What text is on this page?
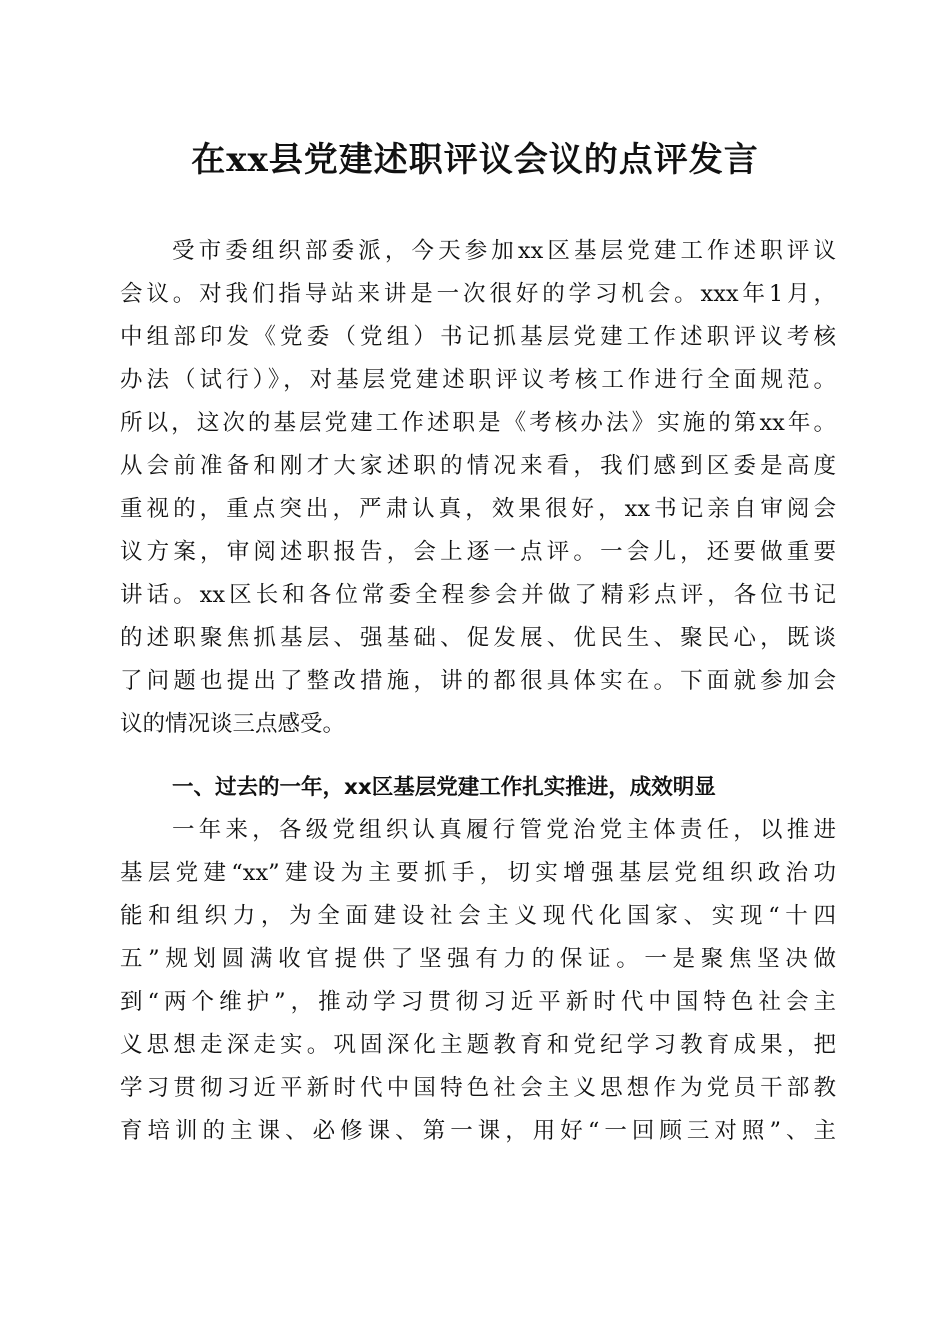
在xx县党建述职评议会议的点评发言
受市委组织部委派，今天参加xx区基层党建工作述职评议
会议。对我们指导站来讲是一次很好的学习机会。xxx年1月，
中组部印发《党委（党组）书记抓基层党建工作述职评议考核
办法（试行）》，对基层党建述职评议考核工作进行全面规范。
所以，这次的基层党建工作述职是《考核办法》实施的第xx年。
从会前准备和刚才大家述职的情况来看，我们感到区委是高度
重视的，重点突出，严肃认真，效果很好，xx书记亲自审阅会
议方案，审阅述职报告，会上逐一点评。一会儿，还要做重要
讲话。xx区长和各位常委全程参会并做了精彩点评，各位书记
的述职聚焦抓基层、强基础、促发展、优民生、聚民心，既谈
了问题也提出了整改措施，讲的都很具体实在。下面就参加会
议的情况谈三点感受。
一、过去的一年，xx区基层党建工作扎实推进，成效明显
一年来，各级党组织认真履行管党治党主体责任，以推进
基层党建“xx”建设为主要抓手，切实增强基层党组织政治功
能和组织力，为全面建设社会主义现代化国家、实现“十四
五”规划圆满收官提供了坚强有力的保证。一是聚焦坚决做
到“两个维护”，推动学习贯彻习近平新时代中国特色社会主
义思想走深走实。巩固深化主题教育和党纪学习教育成果，把
学习贯彻习近平新时代中国特色社会主义思想作为党员干部教
育培训的主课、必修课、第一课，用好“一回顾三对照”、主
